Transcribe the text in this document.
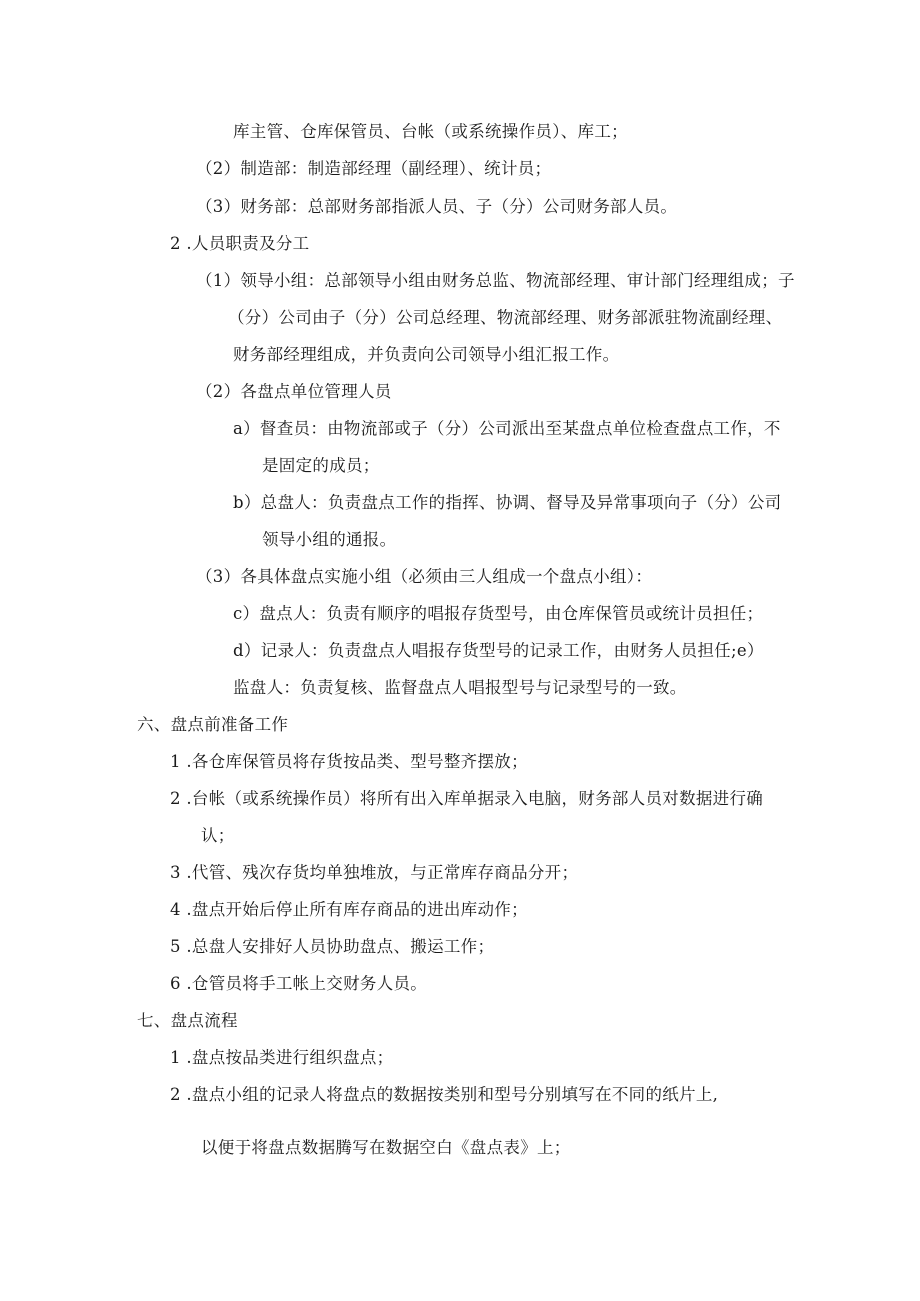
库主管、仓库保管员、台帐（或系统操作员）、库工；
（2）制造部：制造部经理（副经理）、统计员；
（3）财务部：总部财务部指派人员、子（分）公司财务部人员。
2 .人员职责及分工
（1）领导小组：总部领导小组由财务总监、物流部经理、审计部门经理组成；子
（分）公司由子（分）公司总经理、物流部经理、财务部派驻物流副经理、
财务部经理组成，并负责向公司领导小组汇报工作。
（2）各盘点单位管理人员
a）督查员：由物流部或子（分）公司派出至某盘点单位检查盘点工作，不
是固定的成员；
b）总盘人：负责盘点工作的指挥、协调、督导及异常事项向子（分）公司
领导小组的通报。
（3）各具体盘点实施小组（必须由三人组成一个盘点小组）：
c）盘点人：负责有顺序的唱报存货型号，由仓库保管员或统计员担任；
d）记录人：负责盘点人唱报存货型号的记录工作，由财务人员担任;e）
监盘人：负责复核、监督盘点人唱报型号与记录型号的一致。
六、盘点前准备工作
1 .各仓库保管员将存货按品类、型号整齐摆放；
2 .台帐（或系统操作员）将所有出入库单据录入电脑，财务部人员对数据进行确
认；
3 .代管、残次存货均单独堆放，与正常库存商品分开；
4 .盘点开始后停止所有库存商品的进出库动作；
5 .总盘人安排好人员协助盘点、搬运工作；
6 .仓管员将手工帐上交财务人员。
七、盘点流程
1 .盘点按品类进行组织盘点；
2 .盘点小组的记录人将盘点的数据按类别和型号分别填写在不同的纸片上,
以便于将盘点数据腾写在数据空白《盘点表》上；
